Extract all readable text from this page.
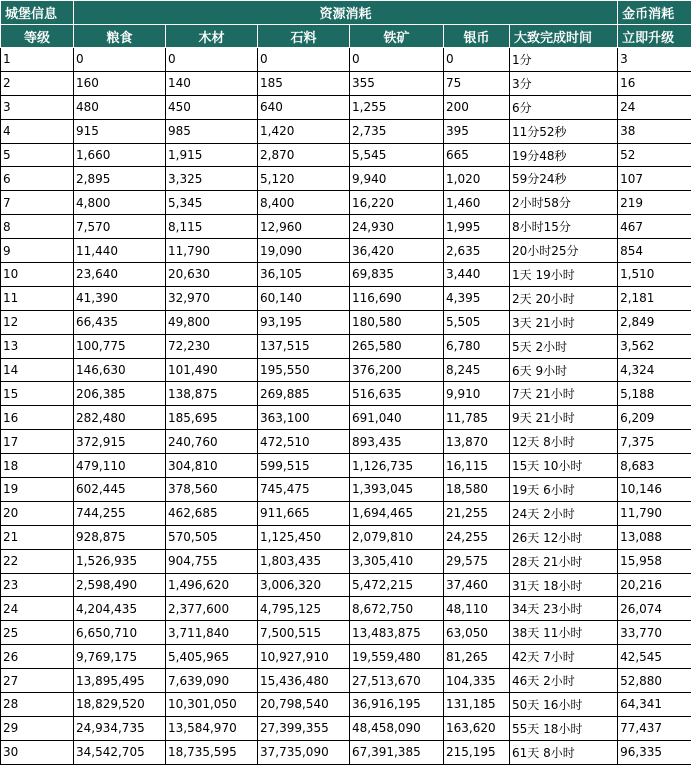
城堡信息	资源消耗						金币消耗
等级	粮食	木材	石料	铁矿	银币	大致完成时间	立即升级
1	0	0	0	0	0	1分	3
2	160	140	185	355	75	3分	16
3	480	450	640	1,255	200	6分	24
4	915	985	1,420	2,735	395	11分52秒	38
5	1,660	1,915	2,870	5,545	665	19分48秒	52
6	2,895	3,325	5,120	9,940	1,020	59分24秒	107
7	4,800	5,345	8,400	16,220	1,460	2小时58分	219
8	7,570	8,115	12,960	24,930	1,995	8小时15分	467
9	11,440	11,790	19,090	36,420	2,635	20小时25分	854
10	23,640	20,630	36,105	69,835	3,440	1天 19小时	1,510
11	41,390	32,970	60,140	116,690	4,395	2天 20小时	2,181
12	66,435	49,800	93,195	180,580	5,505	3天 21小时	2,849
13	100,775	72,230	137,515	265,580	6,780	5天 2小时	3,562
14	146,630	101,490	195,550	376,200	8,245	6天 9小时	4,324
15	206,385	138,875	269,885	516,635	9,910	7天 21小时	5,188
16	282,480	185,695	363,100	691,040	11,785	9天 21小时	6,209
17	372,915	240,760	472,510	893,435	13,870	12天 8小时	7,375
18	479,110	304,810	599,515	1,126,735	16,115	15天 10小时	8,683
19	602,445	378,560	745,475	1,393,045	18,580	19天 6小时	10,146
20	744,255	462,685	911,665	1,694,465	21,255	24天 2小时	11,790
21	928,875	570,505	1,125,450	2,079,810	24,255	26天 12小时	13,088
22	1,526,935	904,755	1,803,435	3,305,410	29,575	28天 21小时	15,958
23	2,598,490	1,496,620	3,006,320	5,472,215	37,460	31天 18小时	20,216
24	4,204,435	2,377,600	4,795,125	8,672,750	48,110	34天 23小时	26,074
25	6,650,710	3,711,840	7,500,515	13,483,875	63,050	38天 11小时	33,770
26	9,769,175	5,405,965	10,927,910	19,559,480	81,265	42天 7小时	42,545
27	13,895,495	7,639,090	15,436,480	27,513,670	104,335	46天 2小时	52,880
28	18,829,520	10,301,050	20,798,540	36,916,195	131,185	50天 16小时	64,341
29	24,934,735	13,584,970	27,399,355	48,458,090	163,620	55天 18小时	77,437
30	34,542,705	18,735,595	37,735,090	67,391,385	215,195	61天 8小时	96,335
